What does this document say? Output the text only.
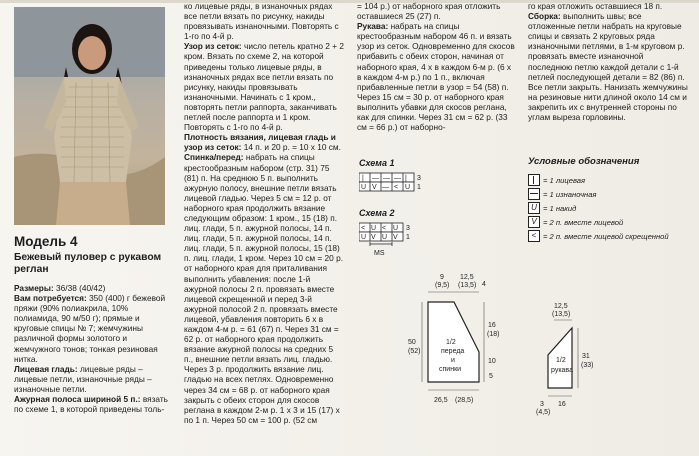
Модель 4
Бежевый пуловер с рукавом реглан

Размеры: 36/38 (40/42)

Вам потребуется: 350 (400) г бежевой пряжи (90% полиакрила, 10% полиамида, 90 м/50 г); прямые и круговые спицы № 7; жемчужины различной формы золотого и жемчужного тонов; тонкая резиновая нитка.

Лицевая гладь: лицевые ряды – лицевые петли, изнаночные ряды – изнаночные петли.

Ажурная полоса шириной 5 п.: вязать по схеме 1, в которой приведены толь-

ко лицевые ряды, в изнаночных рядах все петли вязать по рисунку, накиды провязывать изнаночными. Повторять с 1-го по 4-й р.

Узор из сеток: число петель кратно 2 + 2 кром. Вязать по схеме 2, на которой приведены только лицевые ряды, в изнаночных рядах все петли вязать по рисунку, накиды провязывать изнаночными. Начинать с 1 кром., повторять петли раппорта, заканчивать петлей после раппорта и 1 кром. Повторять с 1-го по 4-й р.

Плотность вязания, лицевая гладь и узор из сеток: 14 п. и 20 р. = 10 х 10 см.

Спинка/перед: набрать на спицы крестообразным набором (стр. 31) 75 (81) п. На среднюю 5 п. выполнить ажурную полосу, внешние петли вязать лицевой гладью. Через 5 см = 12 р. от наборного края продолжить вязание следующим образом: 1 кром., 15 (18) п. лиц. глади, 5 п. ажурной полосы, 14 п. лиц. глади, 5 п. ажурной полосы, 14 п. лиц. глади, 5 п. ажурной полосы, 15 (18) п. лиц. глади, 1 кром. Через 10 см = 20 р. от наборного края для приталивания выполнить убавления: после 1-й ажурной полосы 2 п. провязать вместе лицевой скрещенной и перед 3-й ажурной полосой 2 п. провязать вместе лицевой, убавления повторить 6 х в каждом 4-м р. = 61 (67) п. Через 31 см = 62 р. от наборного края продолжить вязание ажурной полосы на средних 5 п., внешние петли вязать лиц. гладью. Через 3 р. продолжить вязание лиц. гладью на всех петлях. Одновременно через 34 см = 68 р. от наборного края закрыть с обеих сторон для скосов реглана в каждом 2-м р. 1 х 3 и 15 (17) х по 1 п. Через 50 см = 100 р. (52 см

= 104 р.) от наборного края отложить оставшиеся 25 (27) п.

Рукава: набрать на спицы крестообразным набором 46 п. и вязать узор из сеток. Одновременно для скосов прибавить с обеих сторон, начиная от наборного края, 4 х в каждом 6-м р. (6 х в каждом 4-м р.) по 1 п., включая прибавленные петли в узор = 54 (58) п. Через 15 см = 30 р. от наборного края выполнить убавки для скосов реглана, как для спинки. Через 31 см = 62 р. (33 см = 66 р.) от наборно-

го края отложить оставшиеся 18 п.

Сборка: выполнить швы; все отложенные петли набрать на круговые спицы и связать 2 круговых ряда изнаночными петлями, в 1-м круговом р. провязать вместе изнаночной последнюю петлю каждой детали с 1-й петлей последующей детали = 82 (86) п. Все петли закрыть. Нанизать жемчужины на резиновые нити длиной около 14 см и закрепить их с внутренней стороны по углам выреза горловины.

Схема 1
| — — — |
U V — < U
3
1
Схема 2
< U < U
U V U V
MS
3
1
9
(9,5)
12,5
(13,5) 4
16
(18)
10
5
50
(52)
26,5 (28,5)
1/2
переда
и
спинки
12,5
(13,5)
31
(33)
1/2
рукава
16
3
(4,5)
Условные обозначения
= 1 лицевая
= 1 изнаночная
U = 1 накид
V = 2 п. вместе лицевой
< = 2 п. вместе лицевой скрещенной
